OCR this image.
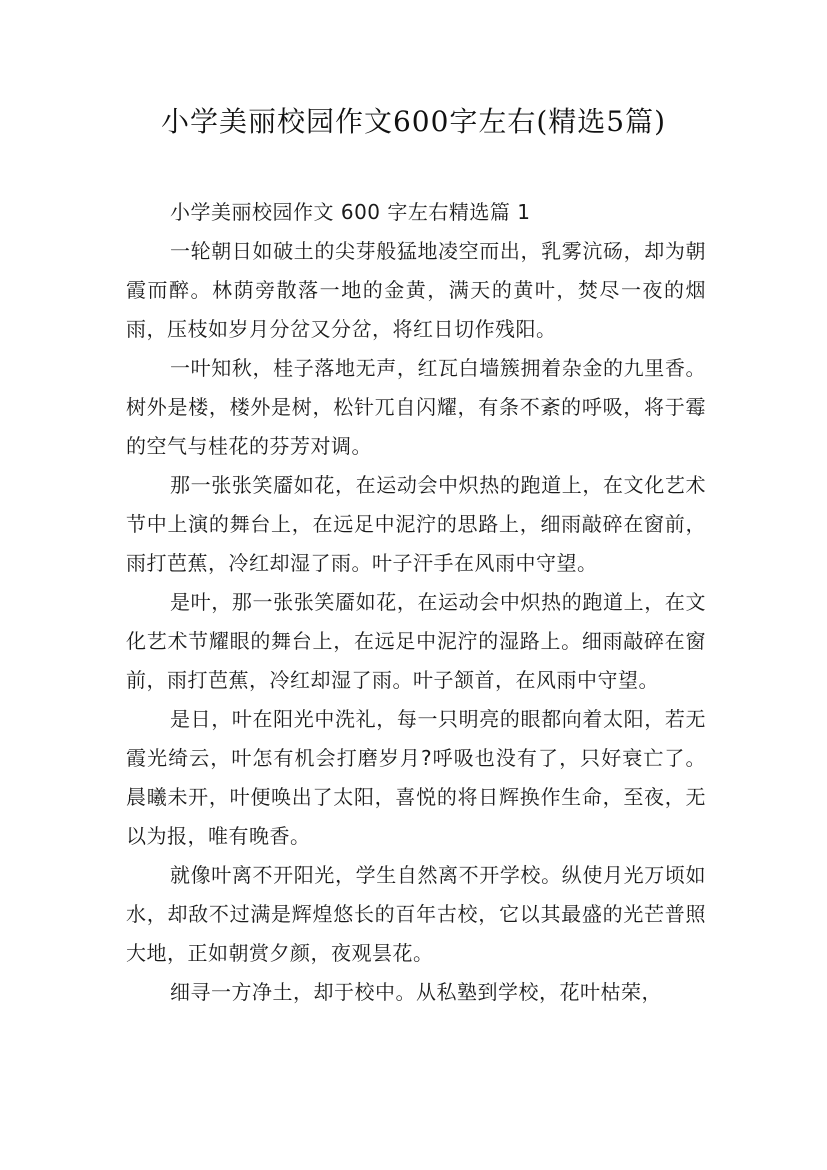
小学美丽校园作文600字左右(精选5篇)

小学美丽校园作文 600 字左右精选篇 1

一轮朝日如破土的尖芽般猛地凌空而出，乳雾沆砀，却为朝霞而醉。林荫旁散落一地的金黄，满天的黄叶，焚尽一夜的烟雨，压枝如岁月分岔又分岔，将红日切作残阳。

一叶知秋，桂子落地无声，红瓦白墙簇拥着杂金的九里香。树外是楼，楼外是树，松针兀自闪耀，有条不紊的呼吸，将于霉的空气与桂花的芬芳对调。

那一张张笑靥如花，在运动会中炽热的跑道上，在文化艺术节中上演的舞台上，在远足中泥泞的思路上，细雨敲碎在窗前，雨打芭蕉，冷红却湿了雨。叶子汗手在风雨中守望。

是叶，那一张张笑靥如花，在运动会中炽热的跑道上，在文化艺术节耀眼的舞台上，在远足中泥泞的湿路上。细雨敲碎在窗前，雨打芭蕉，冷红却湿了雨。叶子颔首，在风雨中守望。

是日，叶在阳光中洗礼，每一只明亮的眼都向着太阳，若无霞光绮云，叶怎有机会打磨岁月?呼吸也没有了，只好衰亡了。晨曦未开，叶便唤出了太阳，喜悦的将日辉换作生命，至夜，无以为报，唯有晚香。

就像叶离不开阳光，学生自然离不开学校。纵使月光万顷如水，却敌不过满是辉煌悠长的百年古校，它以其最盛的光芒普照大地，正如朝赏夕颜，夜观昙花。

细寻一方净土，却于校中。从私塾到学校，花叶枯荣，
